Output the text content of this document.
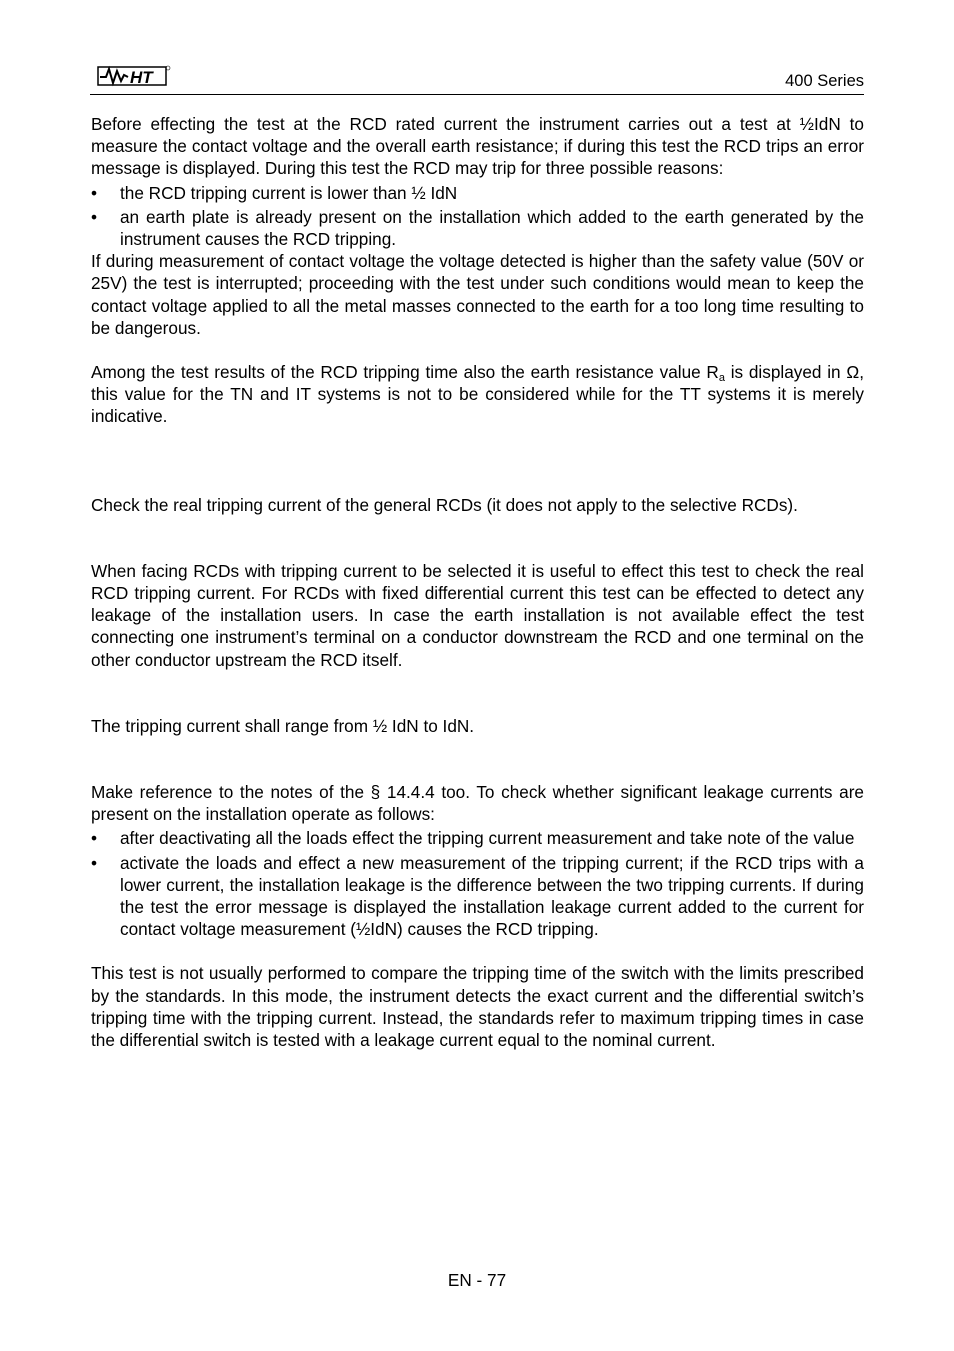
HT	400 Series

Before effecting the test at the RCD rated current the instrument carries out a test at ½IdN to measure the contact voltage and the overall earth resistance; if during this test the RCD trips an error message is displayed. During this test the RCD may trip for three possible reasons:

• the RCD tripping current is lower than ½ IdN
• an earth plate is already present on the installation which added to the earth generated by the instrument causes the RCD tripping.

If during measurement of contact voltage the voltage detected is higher than the safety value (50V or 25V) the test is interrupted; proceeding with the test under such conditions would mean to keep the contact voltage applied to all the metal masses connected to the earth for a too long time resulting to be dangerous.

Among the test results of the RCD tripping time also the earth resistance value $R_a$ is displayed in Ω, this value for the TN and IT systems is not to be considered while for the TT systems it is merely indicative.

Check the real tripping current of the general RCDs (it does not apply to the selective RCDs).

When facing RCDs with tripping current to be selected it is useful to effect this test to check the real RCD tripping current. For RCDs with fixed differential current this test can be effected to detect any leakage of the installation users. In case the earth installation is not available effect the test connecting one instrument’s terminal on a conductor downstream the RCD and one terminal on the other conductor upstream the RCD itself.

The tripping current shall range from ½ IdN to IdN.

Make reference to the notes of the § 14.4.4 too. To check whether significant leakage currents are present on the installation operate as follows:

• after deactivating all the loads effect the tripping current measurement and take note of the value
• activate the loads and effect a new measurement of the tripping current; if the RCD trips with a lower current, the installation leakage is the difference between the two tripping currents. If during the test the error message is displayed the installation leakage current added to the current for contact voltage measurement (½IdN) causes the RCD tripping.

This test is not usually performed to compare the tripping time of the switch with the limits prescribed by the standards. In this mode, the instrument detects the exact current and the differential switch’s tripping time with the tripping current. Instead, the standards refer to maximum tripping times in case the differential switch is tested with a leakage current equal to the nominal current.

EN - 77
